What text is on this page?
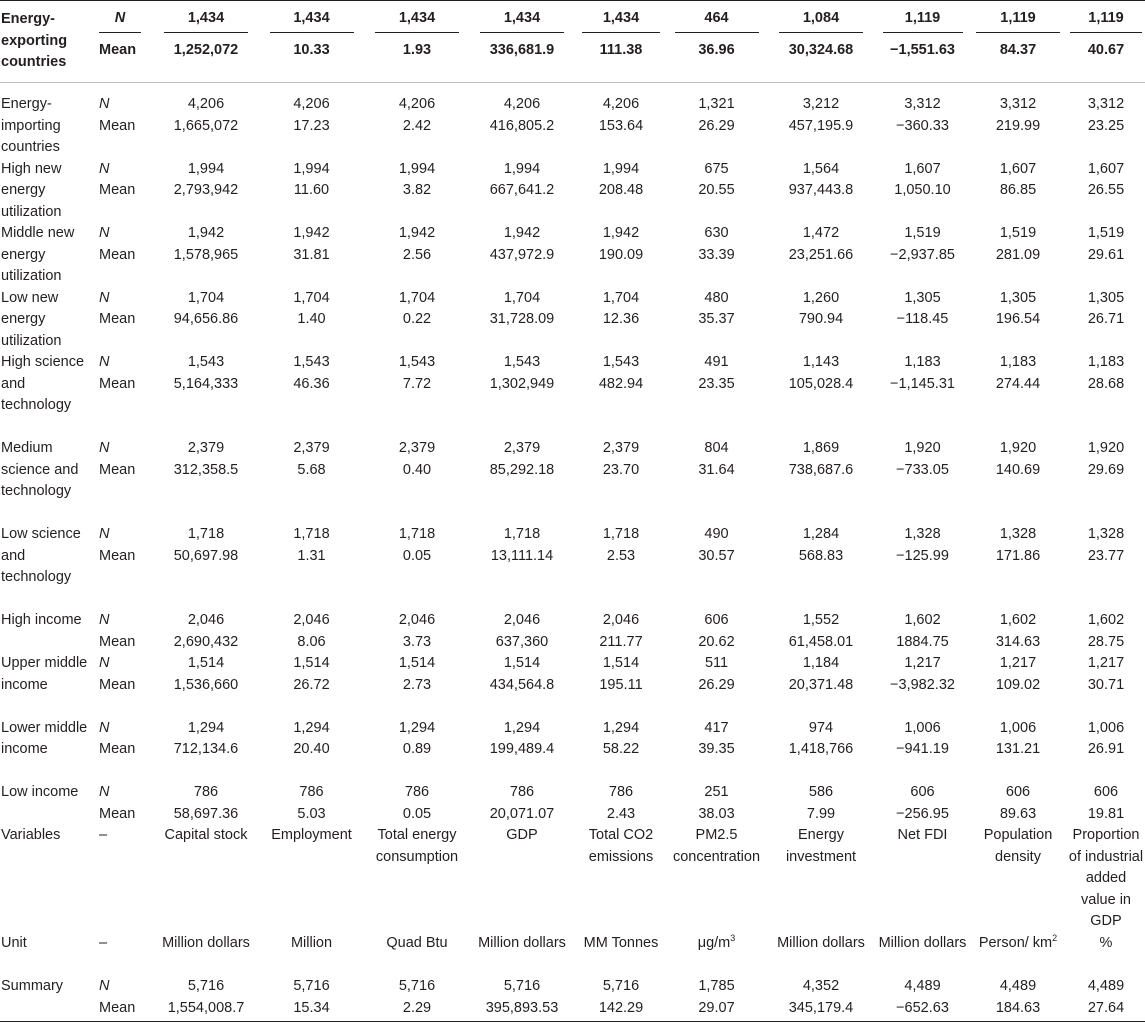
Energy-exporting countries	N	1,434	1,434	1,434	1,434	1,434	464	1,084	1,119	1,119	1,119
	Mean	1,252,072	10.33	1.93	336,681.9	111.38	36.96	30,324.68	−1,551.63	84.37	40.67
Energy-importing countries	N	4,206	4,206	4,206	4,206	4,206	1,321	3,212	3,312	3,312	3,312
	Mean	1,665,072	17.23	2.42	416,805.2	153.64	26.29	457,195.9	−360.33	219.99	23.25
High new energy utilization	N	1,994	1,994	1,994	1,994	1,994	675	1,564	1,607	1,607	1,607
	Mean	2,793,942	11.60	3.82	667,641.2	208.48	20.55	937,443.8	1,050.10	86.85	26.55
Middle new energy utilization	N	1,942	1,942	1,942	1,942	1,942	630	1,472	1,519	1,519	1,519
	Mean	1,578,965	31.81	2.56	437,972.9	190.09	33.39	23,251.66	−2,937.85	281.09	29.61
Low new energy utilization	N	1,704	1,704	1,704	1,704	1,704	480	1,260	1,305	1,305	1,305
	Mean	94,656.86	1.40	0.22	31,728.09	12.36	35.37	790.94	−118.45	196.54	26.71
High science and technology	N	1,543	1,543	1,543	1,543	1,543	491	1,143	1,183	1,183	1,183
	Mean	5,164,333	46.36	7.72	1,302,949	482.94	23.35	105,028.4	−1,145.31	274.44	28.68
Medium science and technology	N	2,379	2,379	2,379	2,379	2,379	804	1,869	1,920	1,920	1,920
	Mean	312,358.5	5.68	0.40	85,292.18	23.70	31.64	738,687.6	−733.05	140.69	29.69
Low science and technology	N	1,718	1,718	1,718	1,718	1,718	490	1,284	1,328	1,328	1,328
	Mean	50,697.98	1.31	0.05	13,111.14	2.53	30.57	568.83	−125.99	171.86	23.77
High income	N	2,046	2,046	2,046	2,046	2,046	606	1,552	1,602	1,602	1,602
	Mean	2,690,432	8.06	3.73	637,360	211.77	20.62	61,458.01	1884.75	314.63	28.75
Upper middle income	N	1,514	1,514	1,514	1,514	1,514	511	1,184	1,217	1,217	1,217
	Mean	1,536,660	26.72	2.73	434,564.8	195.11	26.29	20,371.48	−3,982.32	109.02	30.71
Lower middle income	N	1,294	1,294	1,294	1,294	1,294	417	974	1,006	1,006	1,006
	Mean	712,134.6	20.40	0.89	199,489.4	58.22	39.35	1,418,766	−941.19	131.21	26.91
Low income	N	786	786	786	786	786	251	586	606	606	606
	Mean	58,697.36	5.03	0.05	20,071.07	2.43	38.03	7.99	−256.95	89.63	19.81
Variables	–	Capital stock	Employment	Total energy consumption	GDP	Total CO2 emissions	PM2.5 concentration	Energy investment	Net FDI	Population density	Proportion of industrial added value in GDP
Unit	–	Million dollars	Million	Quad Btu	Million dollars	MM Tonnes	$\mu g/m^3$	Million dollars	Million dollars	Person/ $km^2$	%
Summary	N	5,716	5,716	5,716	5,716	5,716	1,785	4,352	4,489	4,489	4,489
	Mean	1,554,008.7	15.34	2.29	395,893.53	142.29	29.07	345,179.4	−652.63	184.63	27.64
